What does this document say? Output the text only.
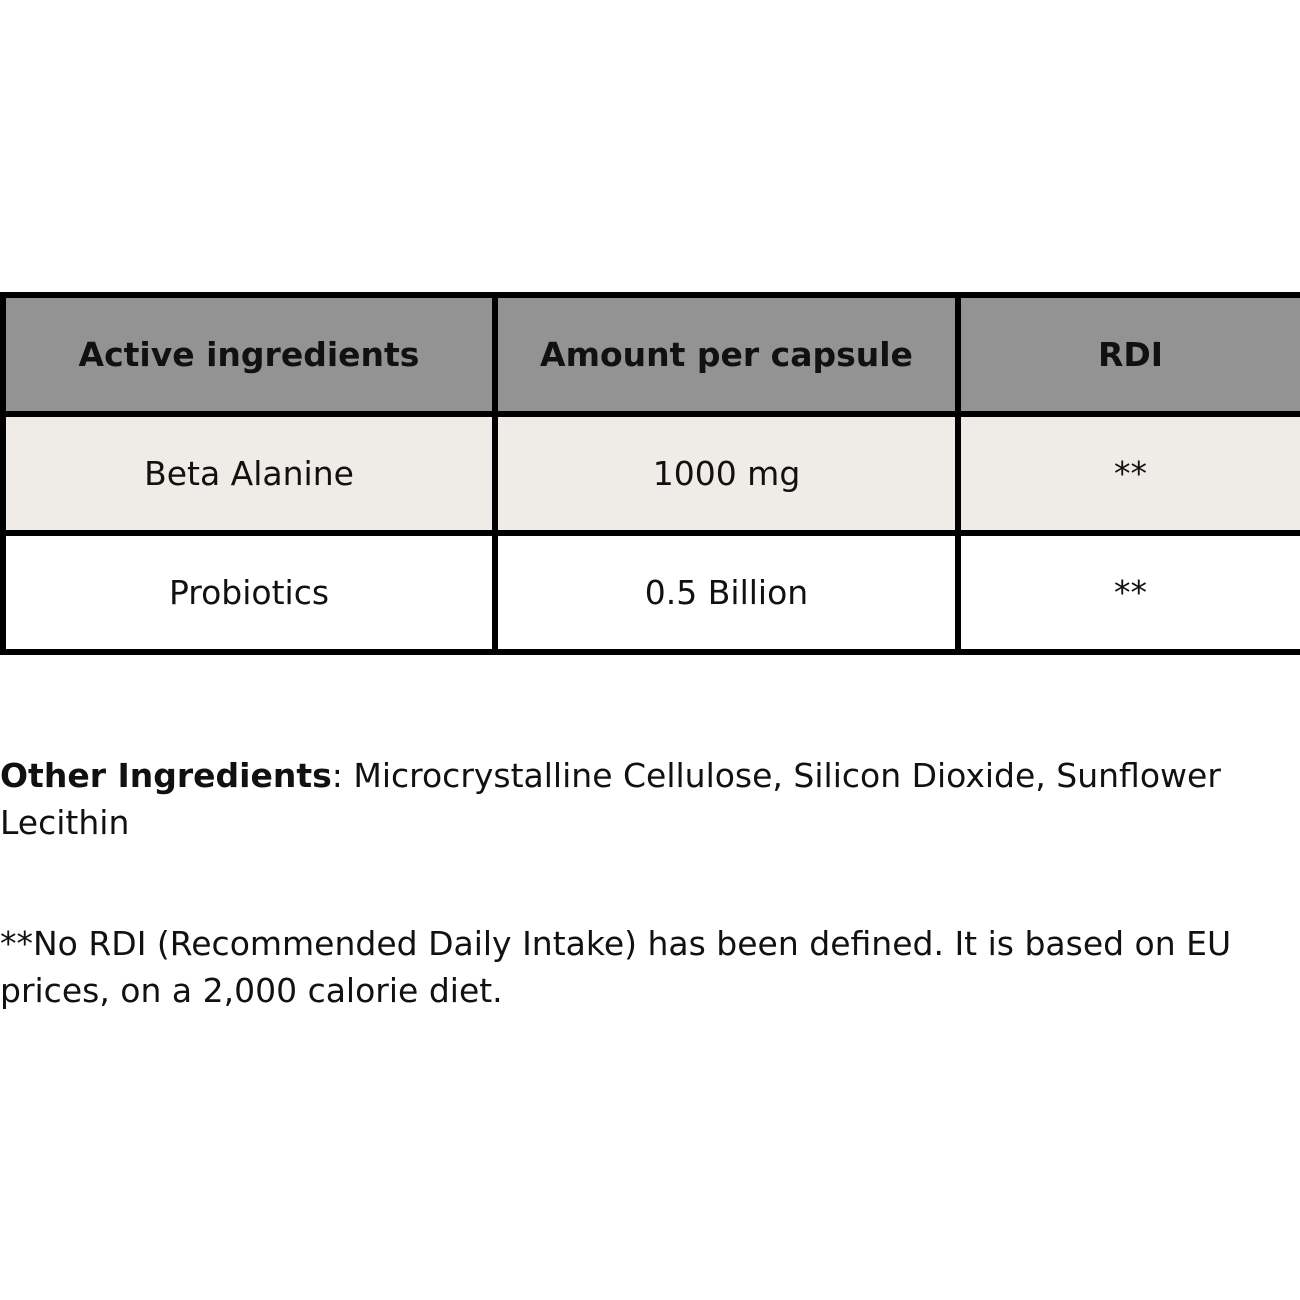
Active ingredients	Amount per capsule	RDI
Beta Alanine	1000 mg	**
Probiotics	0.5 Billion	**

Other Ingredients: Microcrystalline Cellulose, Silicon Dioxide, Sunflower Lecithin

**No RDI (Recommended Daily Intake) has been defined. It is based on EU prices, on a 2,000 calorie diet.
